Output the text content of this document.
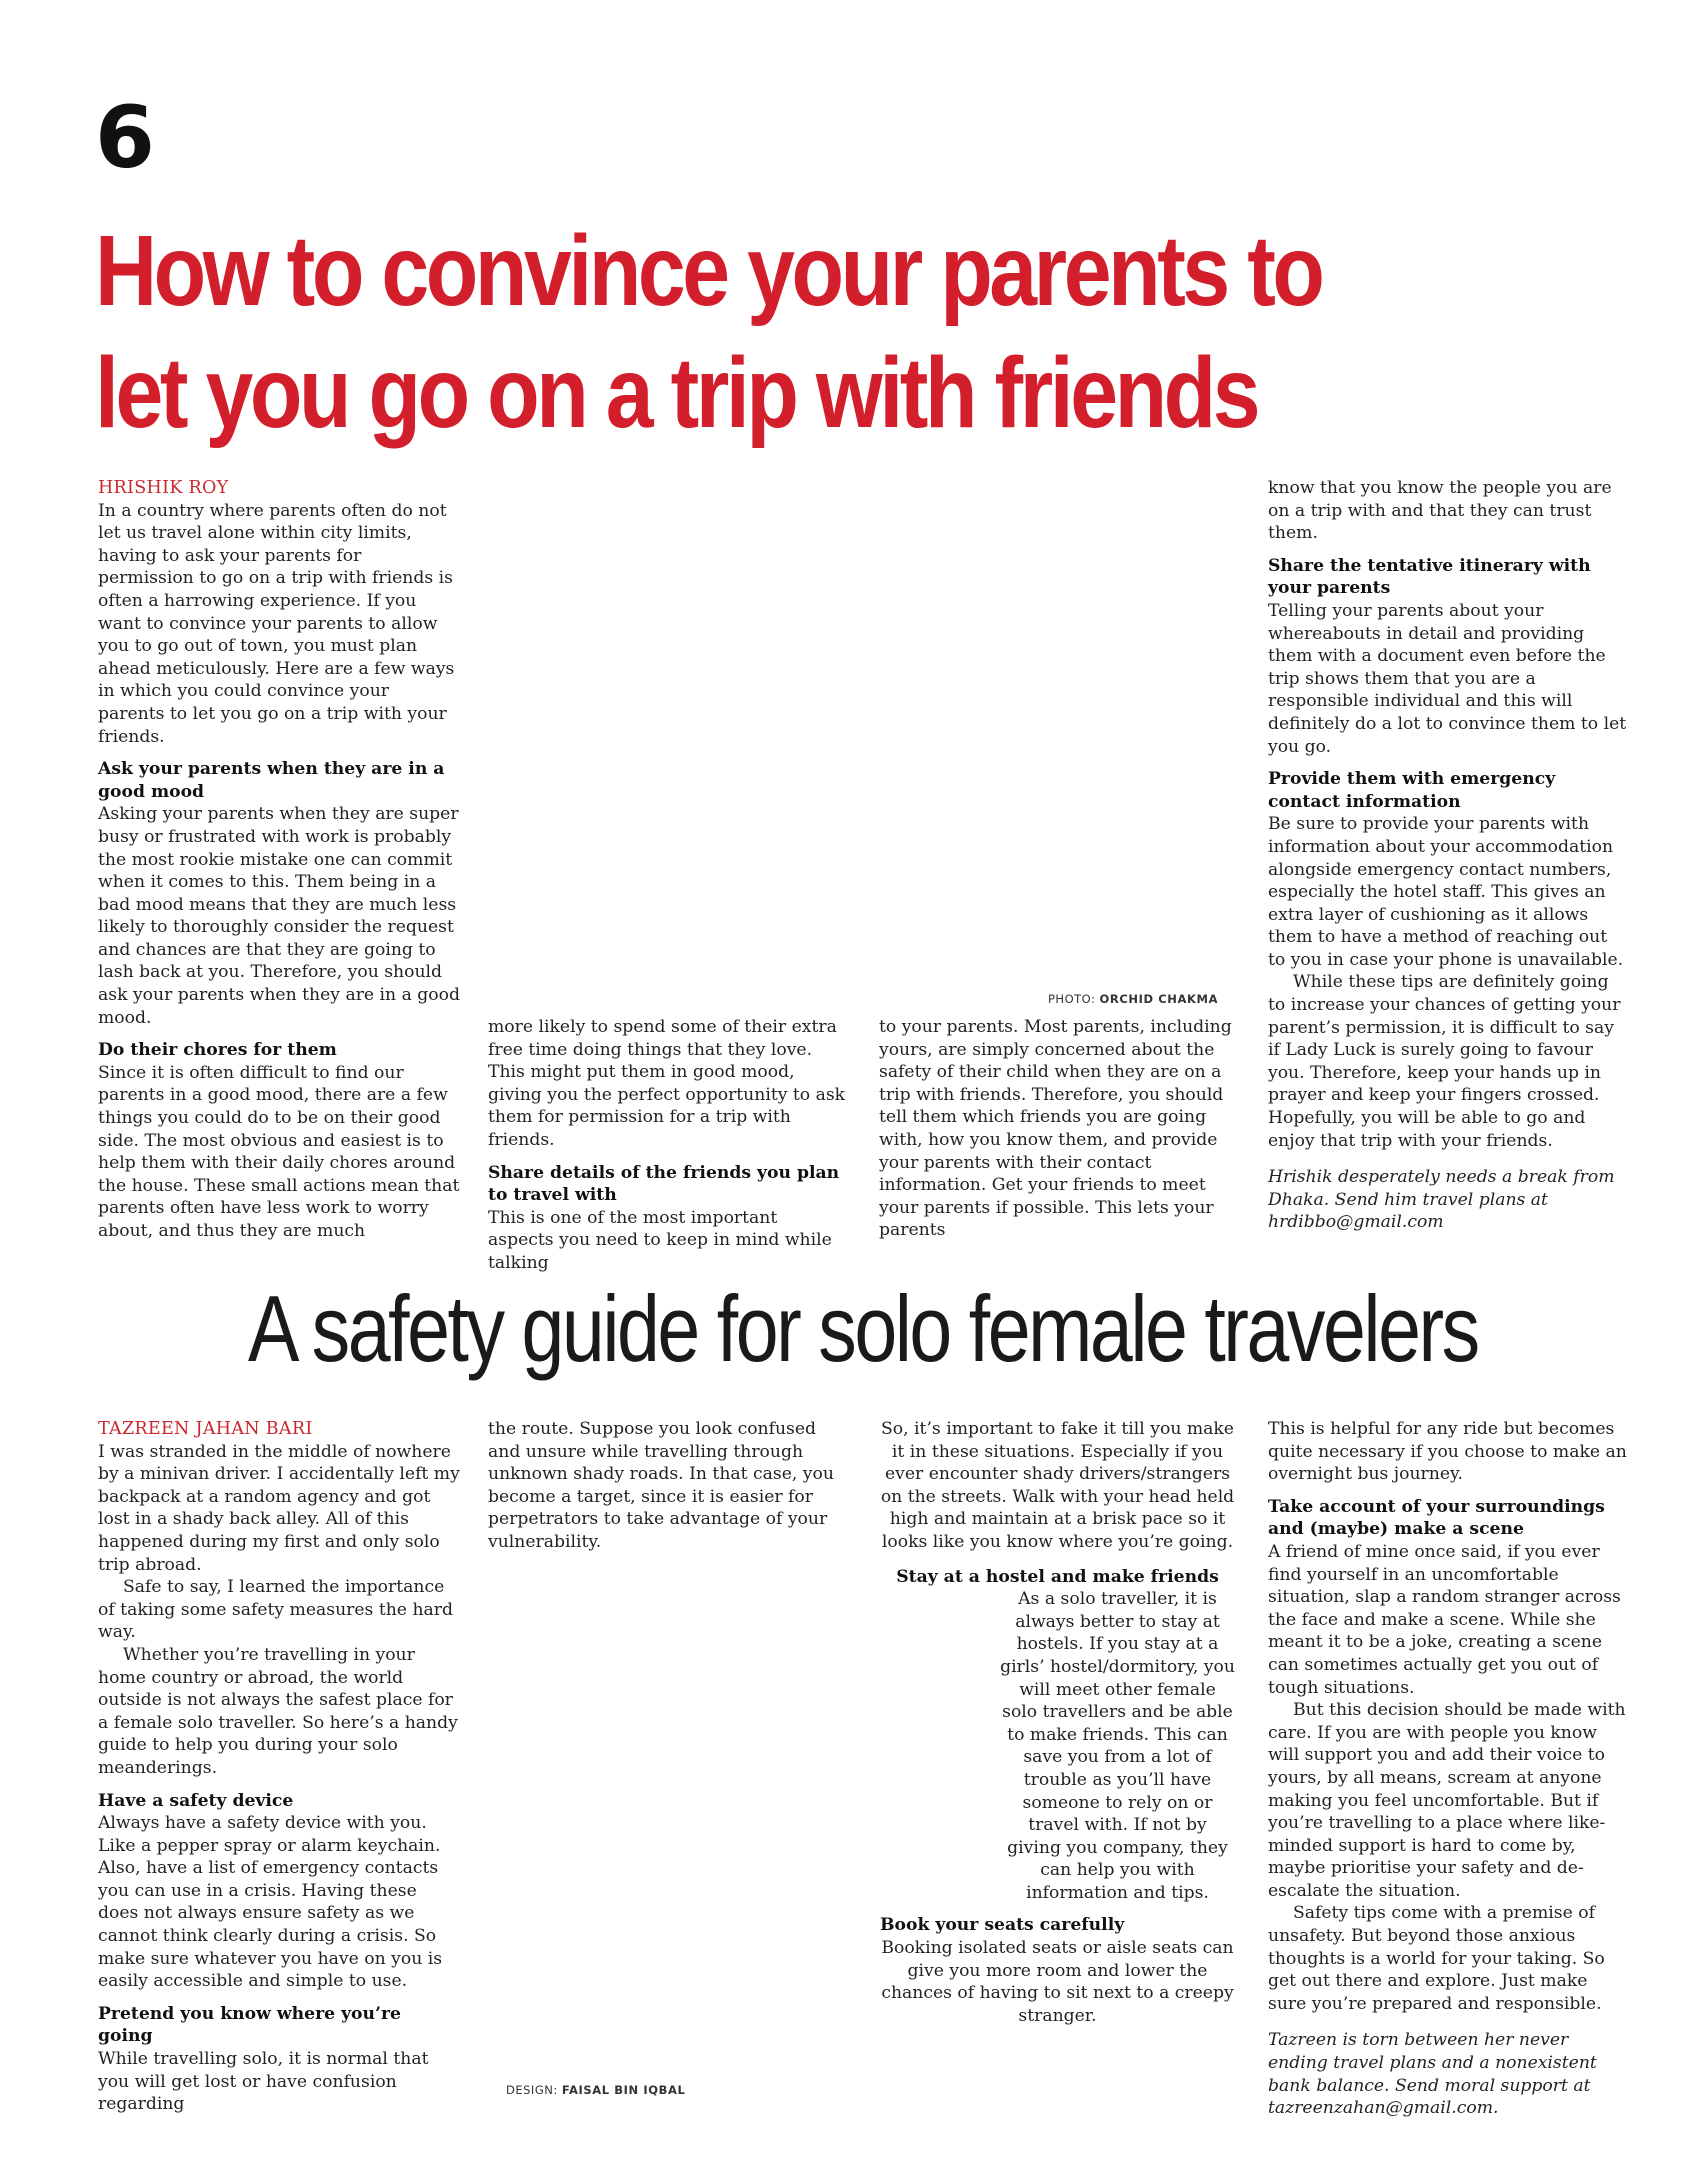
6
How to convince your parents to let you go on a trip with friends

HRISHIK ROY

In a country where parents often do not let us travel alone within city limits, having to ask your parents for permission to go on a trip with friends is often a harrowing experience. If you want to convince your parents to allow you to go out of town, you must plan ahead meticulously. Here are a few ways in which you could convince your parents to let you go on a trip with your friends.

Ask your parents when they are in a good mood

Asking your parents when they are super busy or frustrated with work is probably the most rookie mistake one can commit when it comes to this. Them being in a bad mood means that they are much less likely to thoroughly consider the request and chances are that they are going to lash back at you. Therefore, you should ask your parents when they are in a good mood.

Do their chores for them

Since it is often difficult to find our parents in a good mood, there are a few things you could do to be on their good side. The most obvious and easiest is to help them with their daily chores around the house. These small actions mean that parents often have less work to worry about, and thus they are much

PHOTO: ORCHID CHAKMA

more likely to spend some of their extra free time doing things that they love. This might put them in good mood, giving you the perfect opportunity to ask them for permission for a trip with friends.

Share details of the friends you plan to travel with

This is one of the most important aspects you need to keep in mind while talking

to your parents. Most parents, including yours, are simply concerned about the safety of their child when they are on a trip with friends. Therefore, you should tell them which friends you are going with, how you know them, and provide your parents with their contact information. Get your friends to meet your parents if possible. This lets your parents

know that you know the people you are on a trip with and that they can trust them.

Share the tentative itinerary with your parents

Telling your parents about your whereabouts in detail and providing them with a document even before the trip shows them that you are a responsible individual and this will definitely do a lot to convince them to let you go.

Provide them with emergency contact information

Be sure to provide your parents with information about your accommodation alongside emergency contact numbers, especially the hotel staff. This gives an extra layer of cushioning as it allows them to have a method of reaching out to you in case your phone is unavailable.

While these tips are definitely going to increase your chances of getting your parent’s permission, it is difficult to say if Lady Luck is surely going to favour you. Therefore, keep your hands up in prayer and keep your fingers crossed. Hopefully, you will be able to go and enjoy that trip with your friends.

Hrishik desperately needs a break from Dhaka. Send him travel plans at hrdibbo@gmail.com

A safety guide for solo female travelers

TAZREEN JAHAN BARI

I was stranded in the middle of nowhere by a minivan driver. I accidentally left my backpack at a random agency and got lost in a shady back alley. All of this happened during my first and only solo trip abroad.

Safe to say, I learned the importance of taking some safety measures the hard way.

Whether you’re travelling in your home country or abroad, the world outside is not always the safest place for a female solo traveller. So here’s a handy guide to help you during your solo meanderings.

Have a safety device

Always have a safety device with you. Like a pepper spray or alarm keychain. Also, have a list of emergency contacts you can use in a crisis. Having these does not always ensure safety as we cannot think clearly during a crisis. So make sure whatever you have on you is easily accessible and simple to use.

Pretend you know where you’re going

While travelling solo, it is normal that you will get lost or have confusion regarding

the route. Suppose you look confused and unsure while travelling through unknown shady roads. In that case, you become a target, since it is easier for perpetrators to take advantage of your vulnerability.

DESIGN: FAISAL BIN IQBAL

So, it’s important to fake it till you make it in these situations. Especially if you ever encounter shady drivers/strangers on the streets. Walk with your head held high and maintain at a brisk pace so it looks like you know where you’re going.

Stay at a hostel and make friends

As a solo traveller, it is always better to stay at hostels. If you stay at a girls’ hostel/dormitory, you will meet other female solo travellers and be able to make friends. This can save you from a lot of trouble as you’ll have someone to rely on or travel with. If not by giving you company, they can help you with information and tips.

Book your seats carefully

Booking isolated seats or aisle seats can give you more room and lower the chances of having to sit next to a creepy stranger.

This is helpful for any ride but becomes quite necessary if you choose to make an overnight bus journey.

Take account of your surroundings and (maybe) make a scene

A friend of mine once said, if you ever find yourself in an uncomfortable situation, slap a random stranger across the face and make a scene. While she meant it to be a joke, creating a scene can sometimes actually get you out of tough situations.

But this decision should be made with care. If you are with people you know will support you and add their voice to yours, by all means, scream at anyone making you feel uncomfortable. But if you’re travelling to a place where like-minded support is hard to come by, maybe prioritise your safety and de-escalate the situation.

Safety tips come with a premise of unsafety. But beyond those anxious thoughts is a world for your taking. So get out there and explore. Just make sure you’re prepared and responsible.

Tazreen is torn between her never ending travel plans and a nonexistent bank balance. Send moral support at tazreenzahan@gmail.com.
